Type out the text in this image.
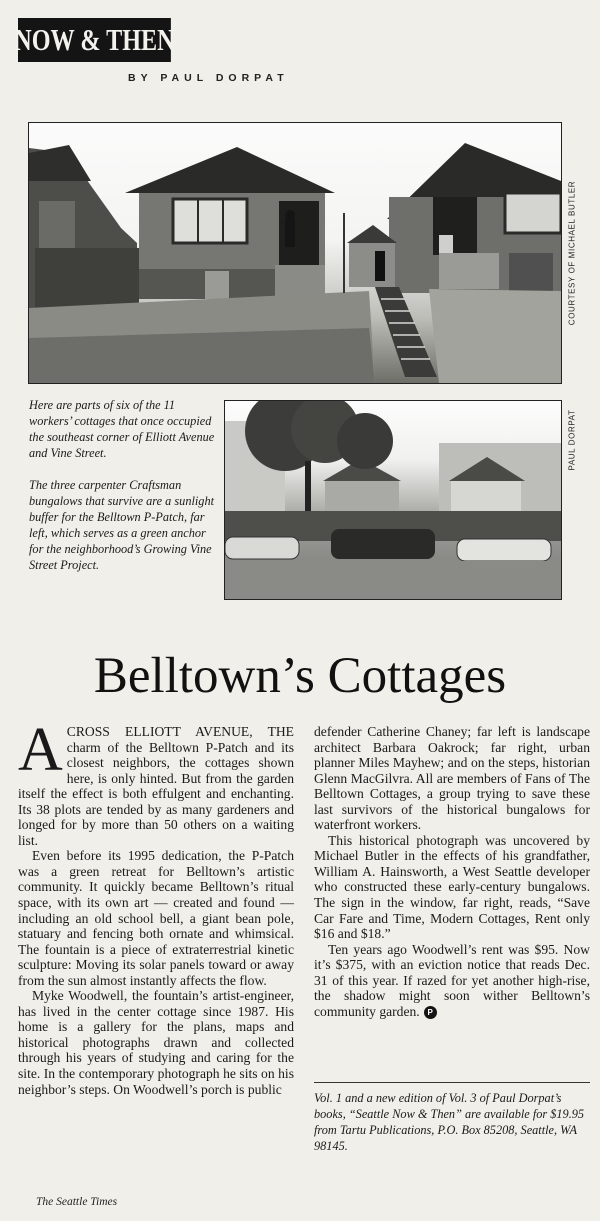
NOW & THEN
BY PAUL DORPAT
COURTESY OF MICHAEL BUTLER
PAUL DORPAT

Here are parts of six of the 11 workers’ cottages that once occupied the southeast corner of Elliott Avenue and Vine Street.

The three carpenter Craftsman bungalows that survive are a sunlight buffer for the Belltown P-Patch, far left, which serves as a green anchor for the neighborhood’s Growing Vine Street Project.

Belltown’s Cottages

ACROSS ELLIOTT AVENUE, THE charm of the Belltown P-Patch and its closest neighbors, the cottages shown here, is only hinted. But from the garden itself the effect is both effulgent and enchanting. Its 38 plots are tended by as many gardeners and longed for by more than 50 others on a waiting list.

Even before its 1995 dedication, the P-Patch was a green retreat for Belltown’s artistic community. It quickly became Belltown’s ritual space, with its own art — created and found — including an old school bell, a giant bean pole, statuary and fencing both ornate and whimsical. The fountain is a piece of extraterrestrial kinetic sculpture: Moving its solar panels toward or away from the sun almost instantly affects the flow.

Myke Woodwell, the fountain’s artist-engineer, has lived in the center cottage since 1987. His home is a gallery for the plans, maps and historical photographs drawn and collected through his years of studying and caring for the site. In the contemporary photograph he sits on his neighbor’s steps. On Woodwell’s porch is public

defender Catherine Chaney; far left is landscape architect Barbara Oakrock; far right, urban planner Miles Mayhew; and on the steps, historian Glenn MacGilvra. All are members of Fans of The Belltown Cottages, a group trying to save these last survivors of the historical bungalows for waterfront workers.

This historical photograph was uncovered by Michael Butler in the effects of his grandfather, William A. Hainsworth, a West Seattle developer who constructed these early-century bungalows. The sign in the window, far right, reads, “Save Car Fare and Time, Modern Cottages, Rent only $16 and $18.”

Ten years ago Woodwell’s rent was $95. Now it’s $375, with an eviction notice that reads Dec. 31 of this year. If razed for yet another high-rise, the shadow might soon wither Belltown’s community garden. P

Vol. 1 and a new edition of Vol. 3 of Paul Dorpat’s books, “Seattle Now & Then” are available for $19.95 from Tartu Publications, P.O. Box 85208, Seattle, WA 98145.
The Seattle Times
